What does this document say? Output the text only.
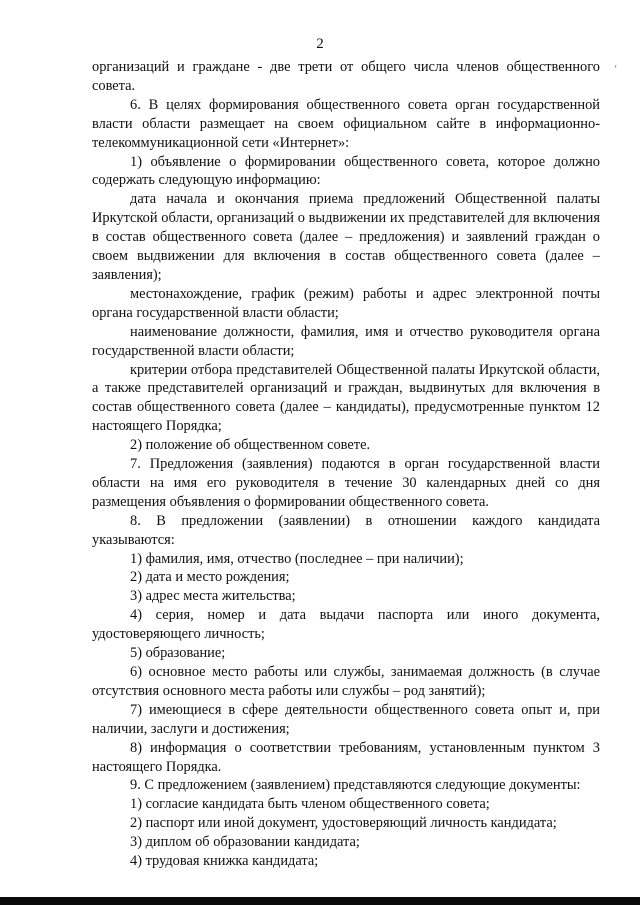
2
‘

организаций и граждане - две трети от общего числа членов общественного совета.

6. В целях формирования общественного совета орган государственной власти области размещает на своем официальном сайте в информационно-телекоммуникационной сети «Интернет»:

1) объявление о формировании общественного совета, которое должно содержать следующую информацию:

дата начала и окончания приема предложений Общественной палаты Иркутской области, организаций о выдвижении их представителей для включения в состав общественного совета (далее – предложения) и заявлений граждан о своем выдвижении для включения в состав общественного совета (далее – заявления);

местонахождение, график (режим) работы и адрес электронной почты органа государственной власти области;

наименование должности, фамилия, имя и отчество руководителя органа государственной власти области;

критерии отбора представителей Общественной палаты Иркутской области, а также представителей организаций и граждан, выдвинутых для включения в состав общественного совета (далее – кандидаты), предусмотренные пунктом 12 настоящего Порядка;

2) положение об общественном совете.

7. Предложения (заявления) подаются в орган государственной власти области на имя его руководителя в течение 30 календарных дней со дня размещения объявления о формировании общественного совета.

8. В предложении (заявлении) в отношении каждого кандидата указываются:

1) фамилия, имя, отчество (последнее – при наличии);

2) дата и место рождения;

3) адрес места жительства;

4) серия, номер и дата выдачи паспорта или иного документа, удостоверяющего личность;

5) образование;

6) основное место работы или службы, занимаемая должность (в случае отсутствия основного места работы или службы – род занятий);

7) имеющиеся в сфере деятельности общественного совета опыт и, при наличии, заслуги и достижения;

8) информация о соответствии требованиям, установленным пунктом 3 настоящего Порядка.

9. С предложением (заявлением) представляются следующие документы:

1) согласие кандидата быть членом общественного совета;

2) паспорт или иной документ, удостоверяющий личность кандидата;

3) диплом об образовании кандидата;

4) трудовая книжка кандидата;
